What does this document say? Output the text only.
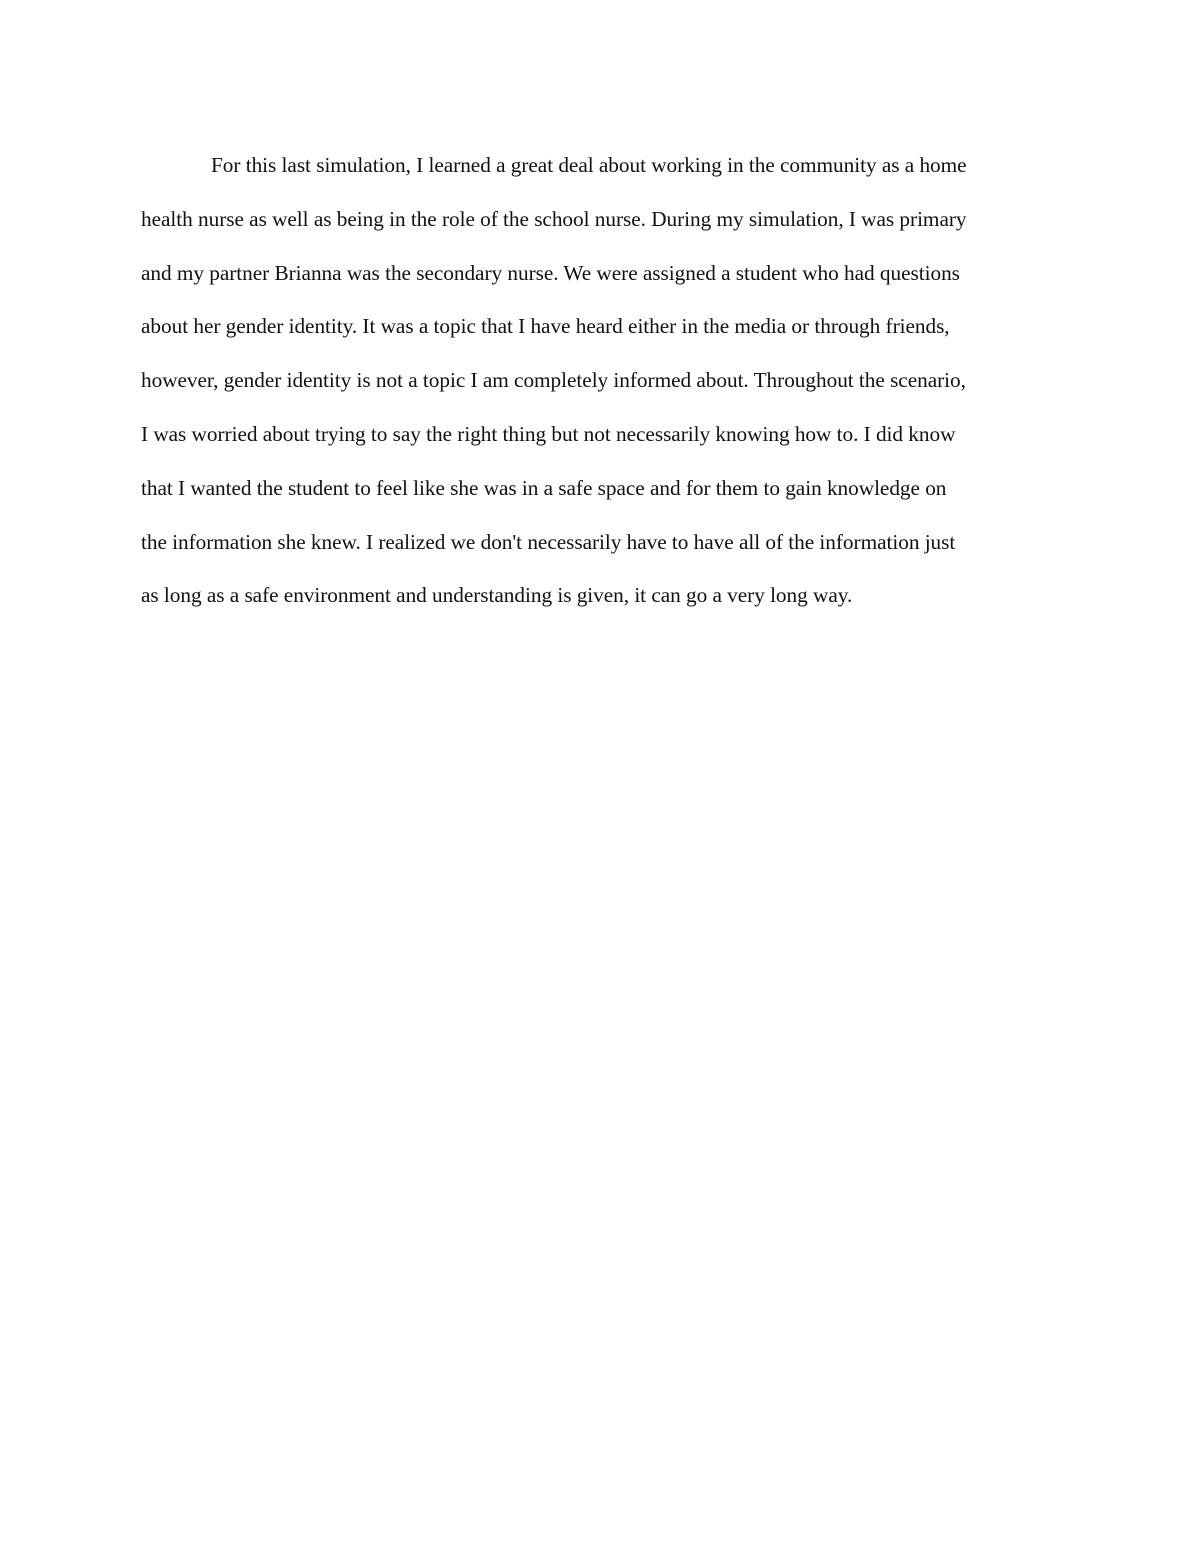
For this last simulation, I learned a great deal about working in the community as a home
health nurse as well as being in the role of the school nurse. During my simulation, I was primary
and my partner Brianna was the secondary nurse. We were assigned a student who had questions
about her gender identity. It was a topic that I have heard either in the media or through friends,
however, gender identity is not a topic I am completely informed about. Throughout the scenario,
I was worried about trying to say the right thing but not necessarily knowing how to. I did know
that I wanted the student to feel like she was in a safe space and for them to gain knowledge on
the information she knew. I realized we don't necessarily have to have all of the information just
as long as a safe environment and understanding is given, it can go a very long way.
